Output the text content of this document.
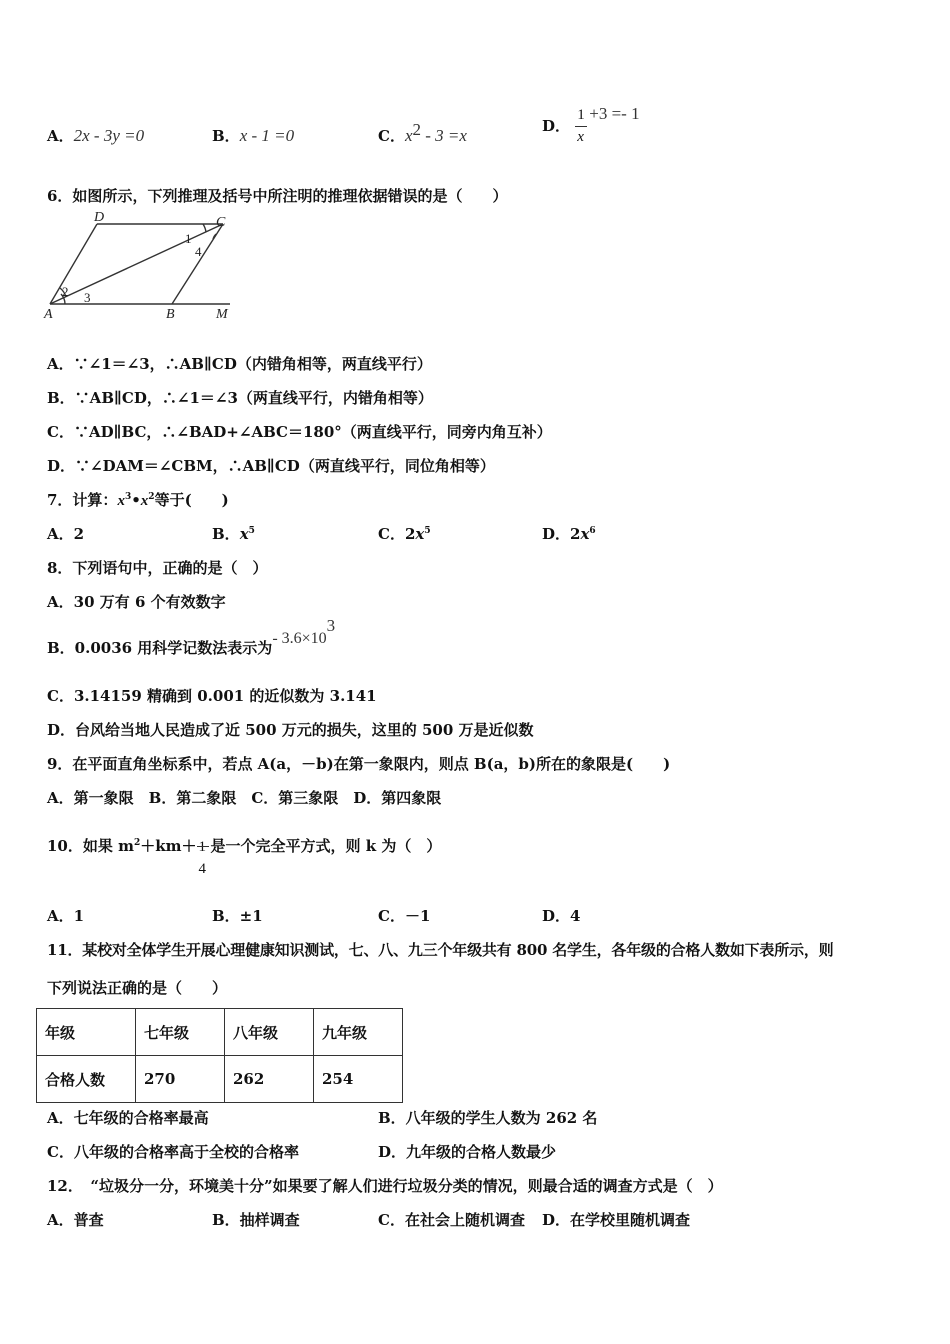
A．2x - 3y =0	B．x - 1 =0	C．$x^2 - 3 =x$	D． $\frac{1}{x} +3 =- 1$
6．如图所示，下列推理及括号中所注明的推理依据错误的是（　　）
D	C
A	B	M
1
4
2 3
A．∵∠1＝∠3，∴AB∥CD（内错角相等，两直线平行）
B．∵AB∥CD，∴∠1＝∠3（两直线平行，内错角相等）
C．∵AD∥BC，∴∠BAD+∠ABC＝180°（两直线平行，同旁内角互补）
D．∵∠DAM＝∠CBM，∴AB∥CD（两直线平行，同位角相等）
7．计算：$x^3•x^2$等于(　　)
A．2	B．$x^5$	C．$2x^5$	D．$2x^6$
8．下列语句中，正确的是（　）
A．30 万有 6 个有效数字
B．0.0036 用科学记数法表示为- $3.6\times 10^3$
C．3.14159 精确到 0.001 的近似数为 3.141
D．台风给当地人民造成了近 500 万元的损失，这里的 500 万是近似数
9．在平面直角坐标系中，若点 A(a，－b)在第一象限内，则点 B(a，b)所在的象限是(　　)
A．第一象限　B．第二象限　C．第三象限　D．第四象限
10．如果 $m^2+km+ 1$
4
是一个完全平方式，则 k 为（　）
A．1	B．±1	C．－1	D．4
11．某校对全体学生开展心理健康知识测试，七、八、九三个年级共有 800 名学生，各年级的合格人数如下表所示，则
下列说法正确的是（　　）
年级	七年级	八年级	九年级
合格人数	270	262	254
A．七年级的合格率最高	B．八年级的学生人数为 262 名
C．八年级的合格率高于全校的合格率	D．九年级的合格人数最少
12．　“垃圾分一分，环境美十分”如果要了解人们进行垃圾分类的情况，则最合适的调查方式是（　）
A．普查	B．抽样调查	C．在社会上随机调查 D．在学校里随机调查
